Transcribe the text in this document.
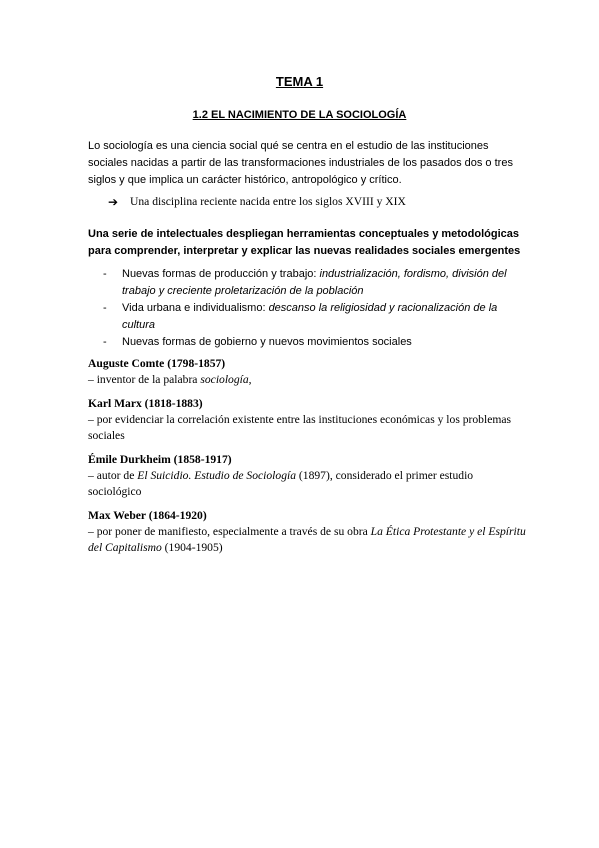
TEMA 1
1.2 EL NACIMIENTO DE LA SOCIOLOGÍA
Lo sociología es una ciencia social qué se centra en el estudio de las instituciones sociales nacidas a partir de las transformaciones industriales de los pasados dos o tres siglos y que implica un carácter histórico, antropológico y crítico.
➔	Una disciplina reciente nacida entre los siglos XVIII y XIX
Una serie de intelectuales despliegan herramientas conceptuales y metodológicas para comprender, interpretar y explicar las nuevas realidades sociales emergentes
-	Nuevas formas de producción y trabajo: industrialización, fordismo, división del trabajo y creciente proletarización de la población
-	Vida urbana e individualismo: descanso la religiosidad y racionalización de la cultura
-	Nuevas formas de gobierno y nuevos movimientos sociales
Auguste Comte (1798-1857)
– inventor de la palabra sociología,
Karl Marx (1818-1883)
– por evidenciar la correlación existente entre las instituciones económicas y los problemas sociales
Émile Durkheim (1858-1917)
– autor de El Suicidio. Estudio de Sociología (1897), considerado el primer estudio sociológico
Max Weber (1864-1920)
– por poner de manifiesto, especialmente a través de su obra La Ética Protestante y el Espíritu del Capitalismo (1904-1905)
